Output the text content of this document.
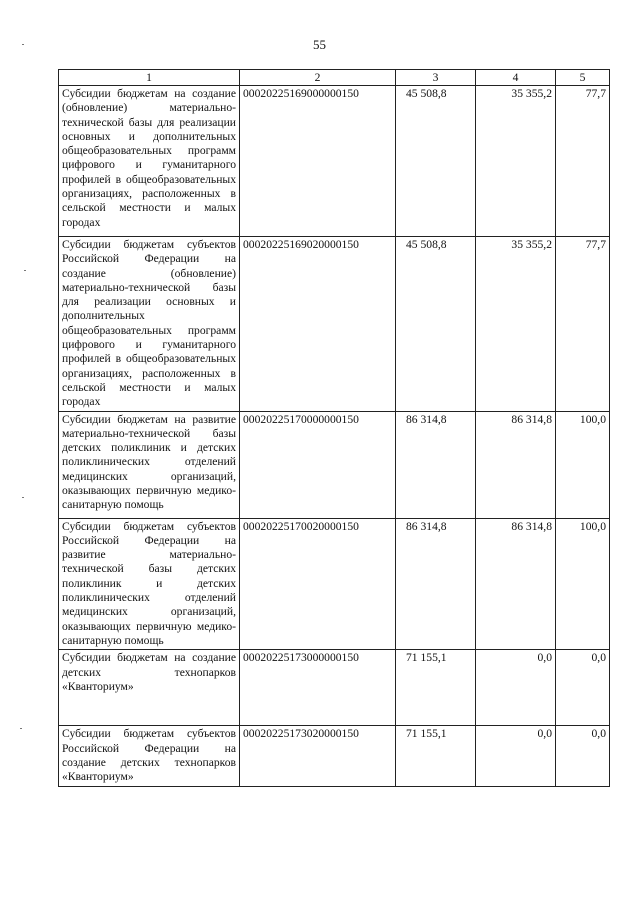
55
1	2	3	4	5
Субсидии бюджетам на создание (обновление) материально-технической базы для реализации основных и дополнительных общеобразовательных программ цифрового и гуманитарного профилей в общеобразовательных организациях, расположенных в сельской местности и малых городах	00020225169000000150	45 508,8	35 355,2	77,7
Субсидии бюджетам субъектов Российской Федерации на создание (обновление) материально-технической базы для реализации основных и дополнительных общеобразовательных программ цифрового и гуманитарного профилей в общеобразовательных организациях, расположенных в сельской местности и малых городах	00020225169020000150	45 508,8	35 355,2	77,7
Субсидии бюджетам на развитие материально-технической базы детских поликлиник и детских поликлинических отделений медицинских организаций, оказывающих первичную медико-санитарную помощь	00020225170000000150	86 314,8	86 314,8	100,0
Субсидии бюджетам субъектов Российской Федерации на развитие материально-технической базы детских поликлиник и детских поликлинических отделений медицинских организаций, оказывающих первичную медико- санитарную помощь	00020225170020000150	86 314,8	86 314,8	100,0
Субсидии бюджетам на создание детских технопарков «Кванториум»	00020225173000000150	71 155,1	0,0	0,0
Субсидии бюджетам субъектов Российской Федерации на создание детских технопарков «Кванториум»	00020225173020000150	71 155,1	0,0	0,0
